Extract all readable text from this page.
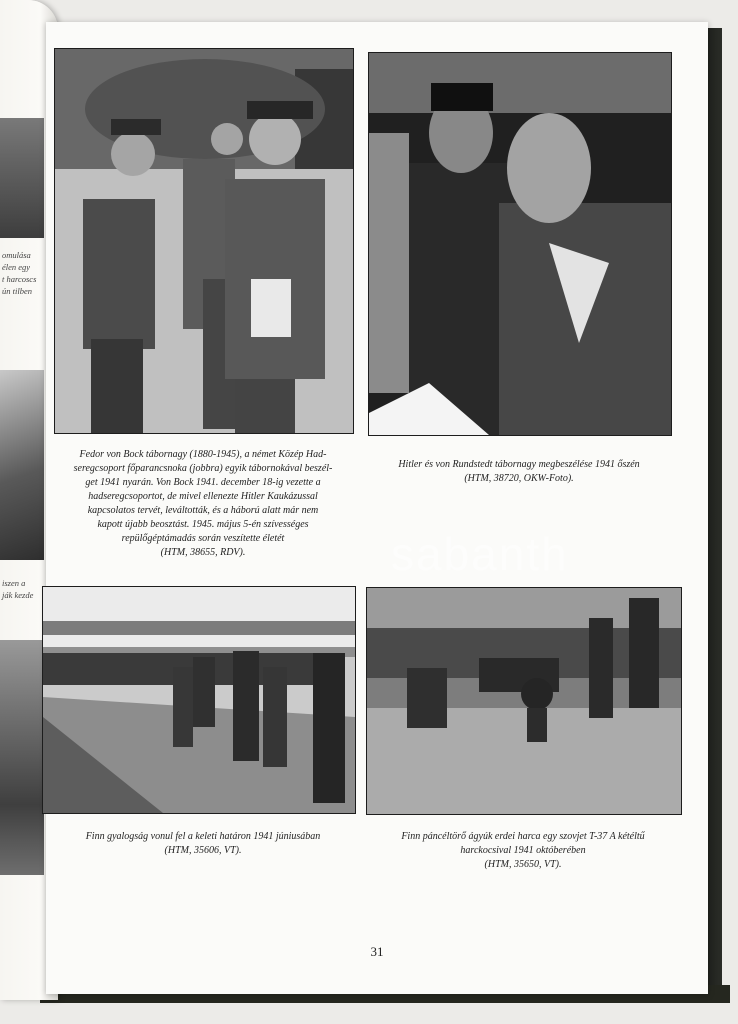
omulása
élen egy
t harcoscs
ún tilben
iszen a
ják kezde
Fedor von Bock tábornagy (1880-1945), a német Közép Had-
seregcsoport főparancsnoka (jobbra) egyik tábornokával beszél-
get 1941 nyarán. Von Bock 1941. december 18-ig vezette a
hadseregcsoportot, de mivel ellenezte Hitler Kaukázussal
kapcsolatos tervét, leváltották, és a háború alatt már nem
kapott újabb beosztást. 1945. május 5-én szívességes
repülőgéptámadás során veszítette életét
(HTM, 38655, RDV).
Hitler és von Rundstedt tábornagy megbeszélése 1941 őszén
(HTM, 38720, OKW-Foto).
sabanth
Finn gyalogság vonul fel a keleti határon 1941 júniusában
(HTM, 35606, VT).
Finn páncéltörő ágyúk erdei harca egy szovjet T-37 A kétéltű
harckocsival 1941 októberében
(HTM, 35650, VT).
31
